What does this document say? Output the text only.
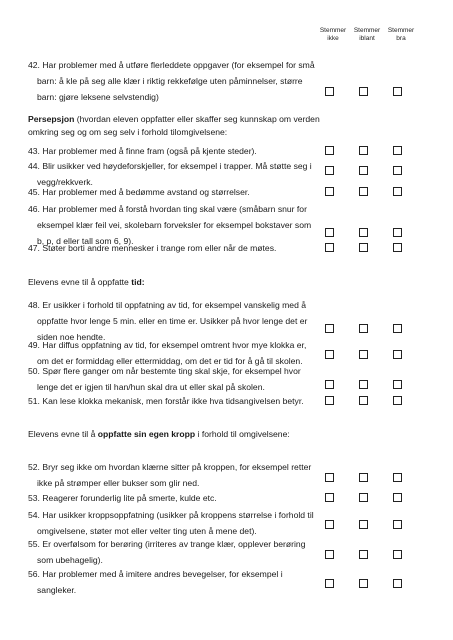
Stemmer
ikke
Stemmer
iblant
Stemmer
bra
42. Har problemer med å utføre flerleddete oppgaver (for eksempel for små
barn: å kle på seg alle klær i riktig rekkefølge uten påminnelser, større
barn: gjøre leksene selvstendig)
Persepsjon (hvordan eleven oppfatter eller skaffer seg kunnskap om verden
omkring seg og om seg selv i forhold tilomgivelsene:
43. Har problemer med å finne fram (også på kjente steder).
44. Blir usikker ved høydeforskjeller, for eksempel i trapper. Må støtte seg i
vegg/rekkverk.
45. Har problemer med å bedømme avstand og størrelser.
46. Har problemer med å forstå hvordan ting skal være (småbarn snur for
eksempel klær feil vei, skolebarn forveksler for eksempel bokstaver som
b, p, d eller tall som 6, 9).
47. Støter borti andre mennesker i trange rom eller når de møtes.
Elevens evne til å oppfatte tid:
48. Er usikker i forhold til oppfatning av tid, for eksempel vanskelig med å
oppfatte hvor lenge 5 min. eller en time er. Usikker på hvor lenge det er
siden noe hendte.
49. Har diffus oppfatning av tid, for eksempel omtrent hvor mye klokka er,
om det er formiddag eller ettermiddag, om det er tid for å gå til skolen.
50. Spør flere ganger om når bestemte ting skal skje, for eksempel hvor
lenge det er igjen til han/hun skal dra ut eller skal på skolen.
51. Kan lese klokka mekanisk, men forstår ikke hva tidsangivelsen betyr.
Elevens evne til å oppfatte sin egen kropp i forhold til omgivelsene:
52. Bryr seg ikke om hvordan klærne sitter på kroppen, for eksempel retter
ikke på strømper eller bukser som glir ned.
53. Reagerer forunderlig lite på smerte, kulde etc.
54. Har usikker kroppsoppfatning (usikker på kroppens størrelse i forhold til
omgivelsene, støter mot eller velter ting uten å mene det).
55. Er overfølsom for berøring (irriteres av trange klær, opplever berøring
som ubehagelig).
56. Har problemer med å imitere andres bevegelser, for eksempel i
sangleker.
